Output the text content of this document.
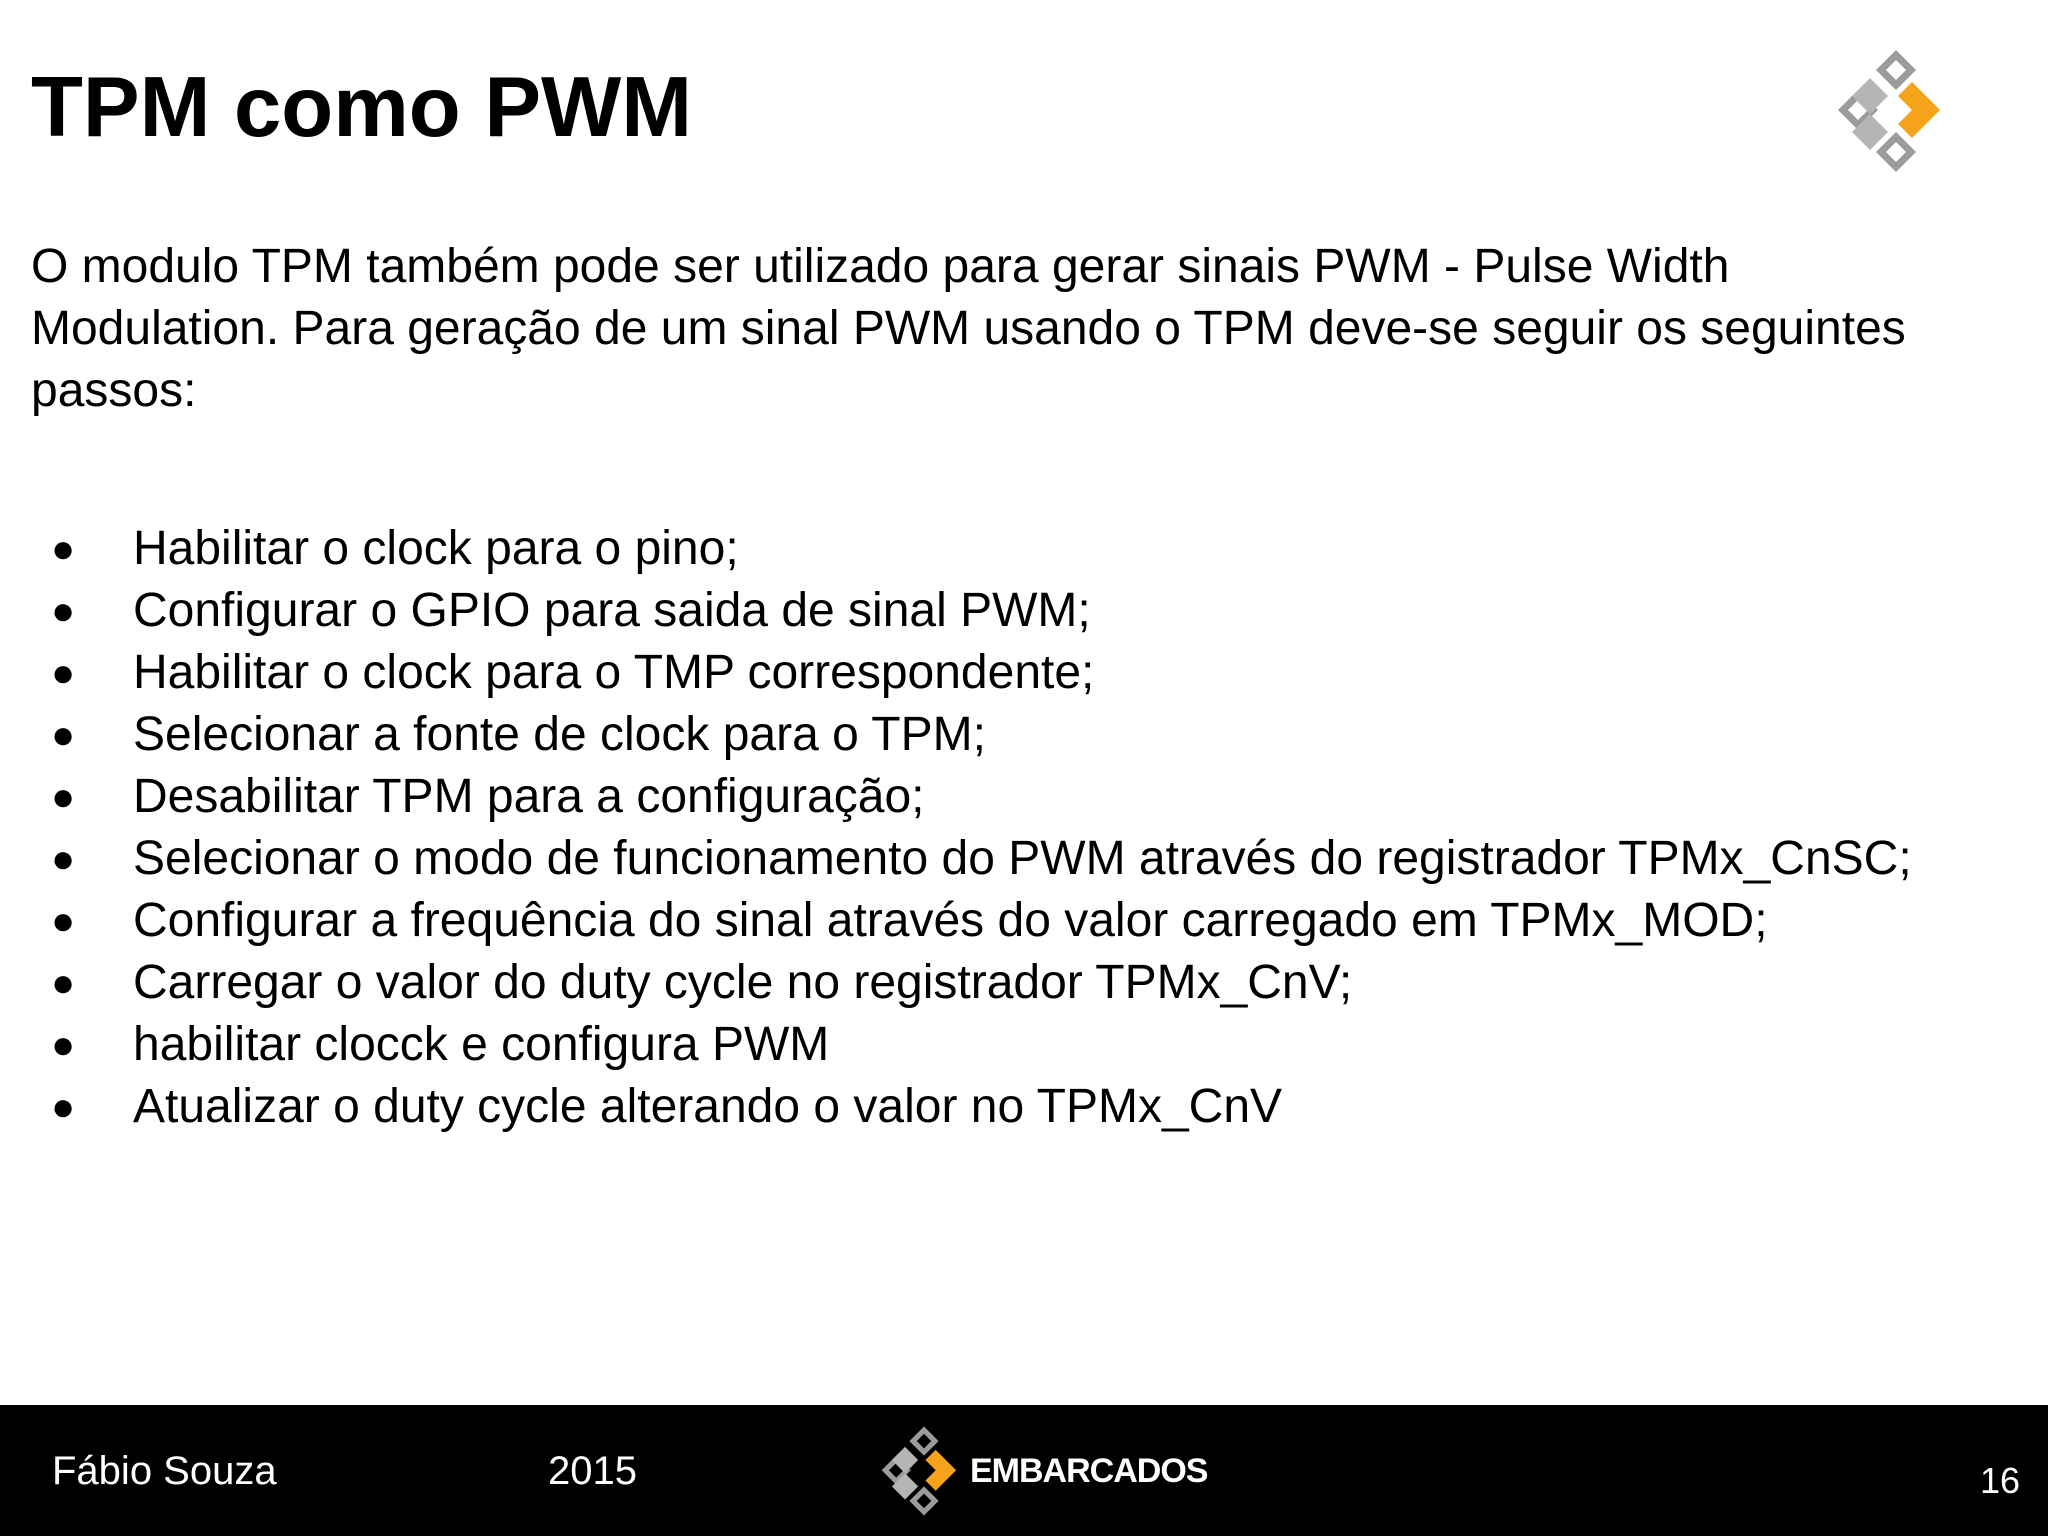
TPM como PWM

O modulo TPM também pode ser utilizado para gerar sinais PWM - Pulse Width Modulation. Para geração de um sinal PWM usando o TPM deve-se seguir os seguintes passos:

● Habilitar o clock para o pino;
● Configurar o GPIO para saida de sinal PWM;
● Habilitar o clock para o TMP correspondente;
● Selecionar a fonte de clock para o TPM;
● Desabilitar TPM para a configuração;
● Selecionar o modo de funcionamento do PWM através do registrador TPMx_CnSC;
● Configurar a frequência do sinal através do valor carregado em TPMx_MOD;
● Carregar o valor do duty cycle no registrador TPMx_CnV;
● habilitar clocck e configura PWM
● Atualizar o duty cycle alterando o valor no TPMx_CnV
Fábio Souza	2015	EMBARCADOS	16
